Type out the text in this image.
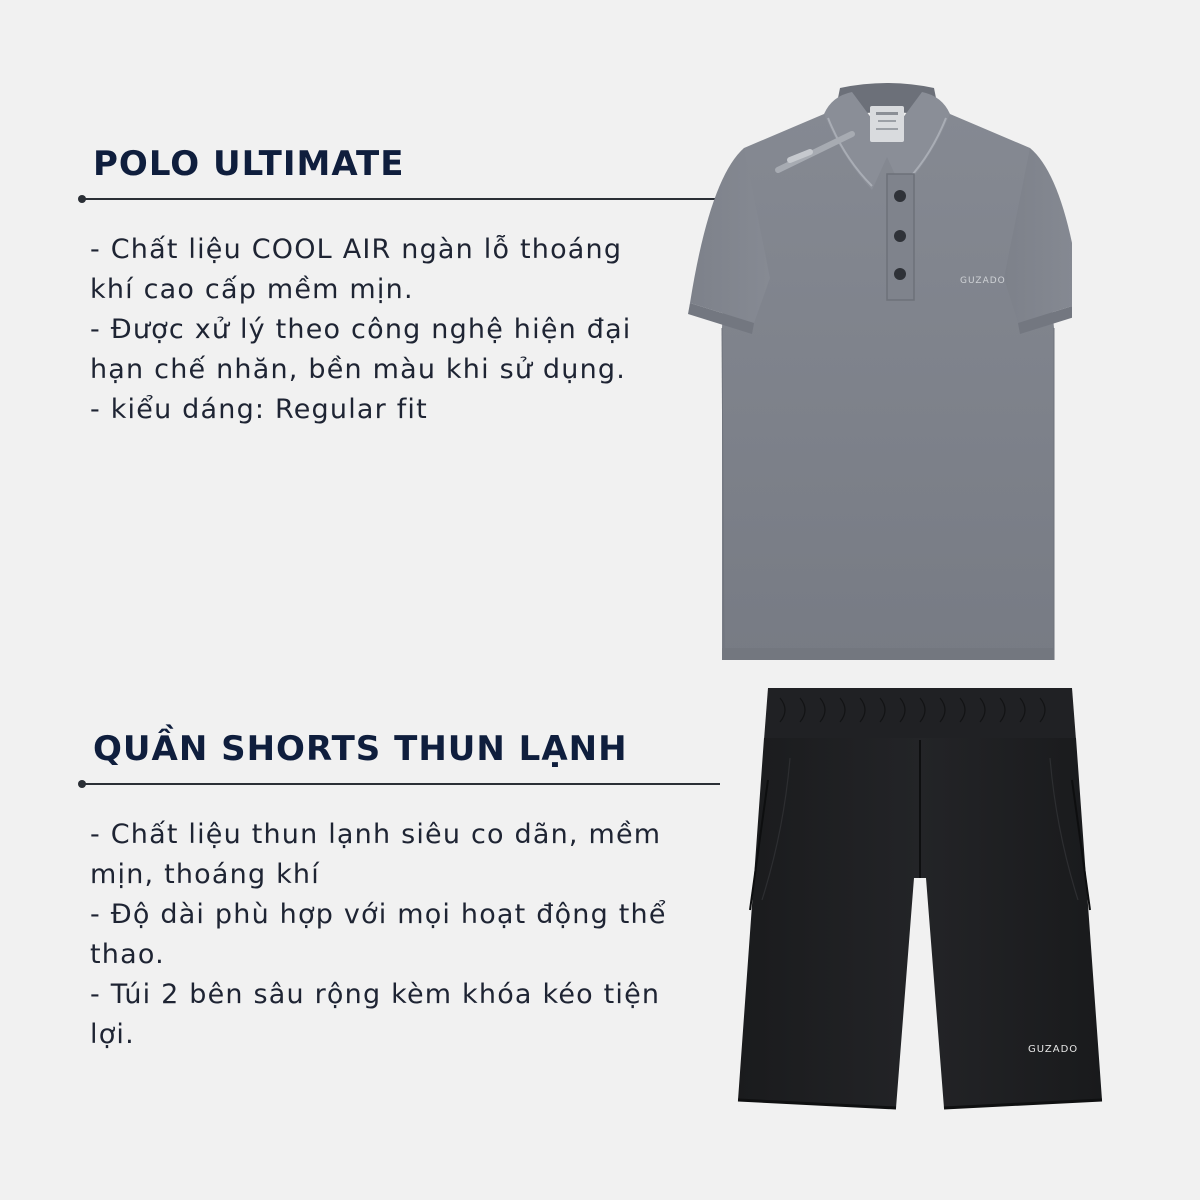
POLO ULTIMATE
- Chất liệu COOL AIR ngàn lỗ thoáng khí cao cấp mềm mịn.
- Được xử lý theo công nghệ hiện đại hạn chế nhăn, bền màu khi sử dụng.
- kiểu dáng: Regular fit
QUẦN SHORTS THUN LẠNH
- Chất liệu thun lạnh siêu co dãn, mềm mịn, thoáng khí
- Độ dài phù hợp với mọi hoạt động thể thao.
- Túi 2 bên sâu rộng kèm khóa kéo tiện lợi.
GUZADO
GUZADO
